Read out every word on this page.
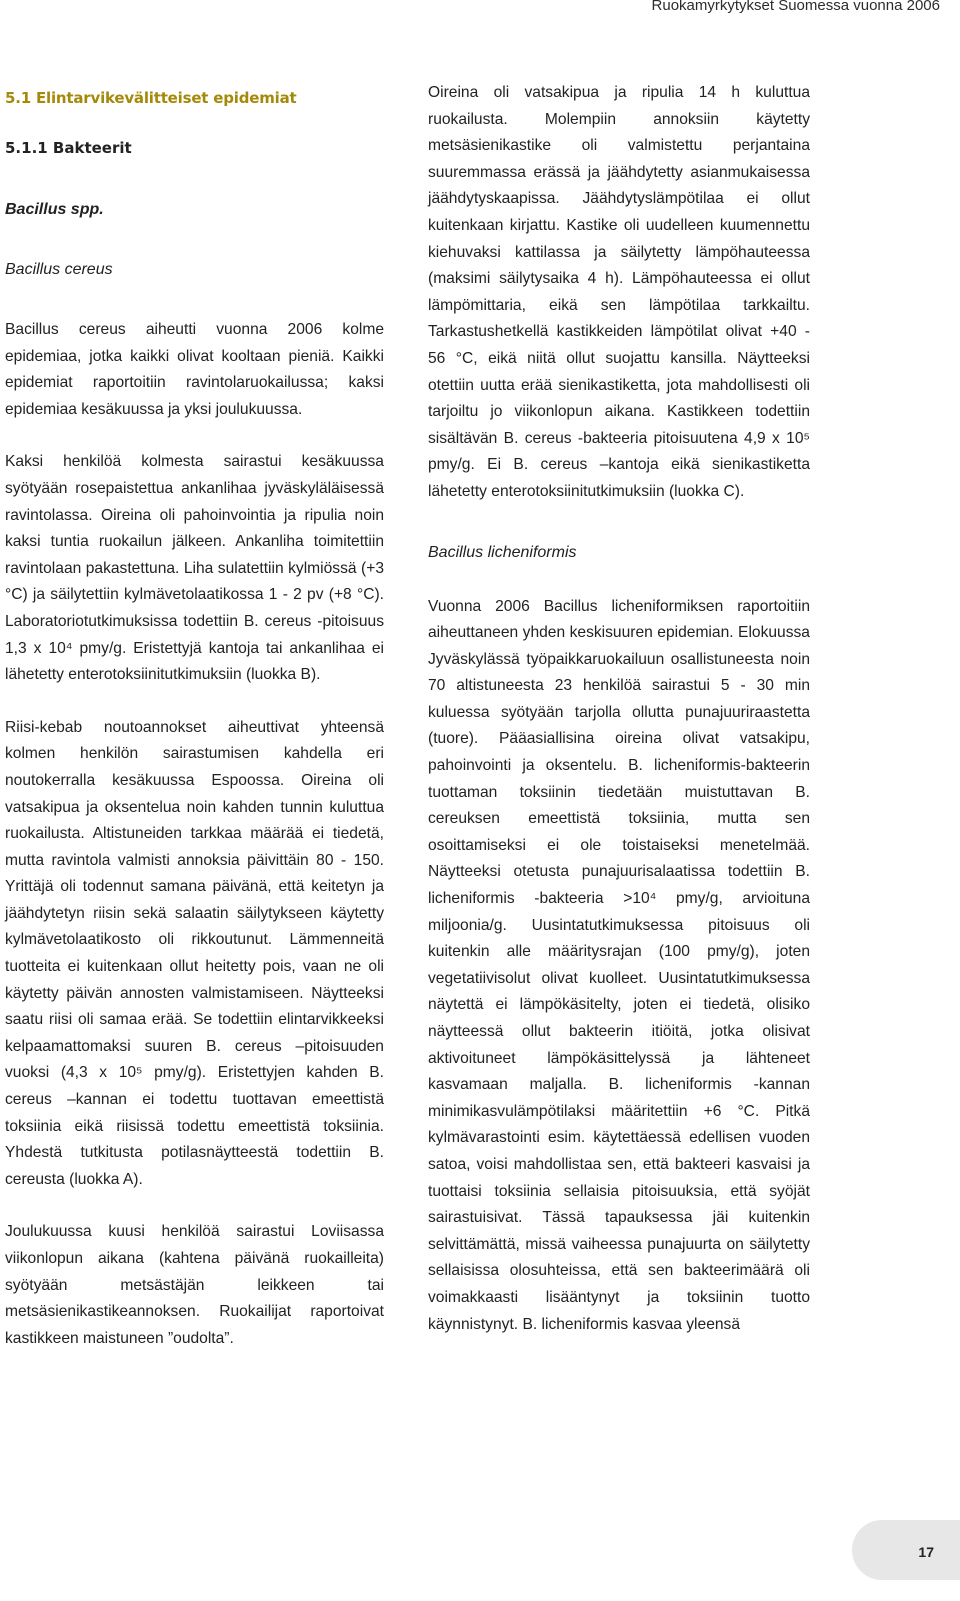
Ruokamyrkytykset Suomessa vuonna 2006
5.1 Elintarvikevälitteiset epidemiat
5.1.1 Bakteerit
Bacillus spp.
Bacillus cereus

Bacillus cereus aiheutti vuonna 2006 kolme epidemiaa, jotka kaikki olivat kooltaan pieniä. Kaikki epidemiat raportoitiin ravintolaruokailussa; kaksi epidemiaa kesäkuussa ja yksi joulukuussa.

Kaksi henkilöä kolmesta sairastui kesäkuussa syötyään rosepaistettua ankanlihaa jyväskyläläisessä ravintolassa. Oireina oli pahoinvointia ja ripulia noin kaksi tuntia ruokailun jälkeen. Ankanliha toimitettiin ravintolaan pakastettuna. Liha sulatettiin kylmiössä (+3 °C) ja säilytettiin kylmävetolaatikossa 1 - 2 pv (+8 °C). Laboratoriotutkimuksissa todettiin B. cereus -pitoisuus 1,3 x 10⁴ pmy/g. Eristettyjä kantoja tai ankanlihaa ei lähetetty enterotoksiinitutkimuksiin (luokka B).

Riisi-kebab noutoannokset aiheuttivat yhteensä kolmen henkilön sairastumisen kahdella eri noutokerralla kesäkuussa Espoossa. Oireina oli vatsakipua ja oksentelua noin kahden tunnin kuluttua ruokailusta. Altistuneiden tarkkaa määrää ei tiedetä, mutta ravintola valmisti annoksia päivittäin 80 - 150. Yrittäjä oli todennut samana päivänä, että keitetyn ja jäähdytetyn riisin sekä salaatin säilytykseen käytetty kylmävetolaatikosto oli rikkoutunut. Lämmenneitä tuotteita ei kuitenkaan ollut heitetty pois, vaan ne oli käytetty päivän annosten valmistamiseen. Näytteeksi saatu riisi oli samaa erää. Se todettiin elintarvikkeeksi kelpaamattomaksi suuren B. cereus –pitoisuuden vuoksi (4,3 x 10⁵ pmy/g). Eristettyjen kahden B. cereus –kannan ei todettu tuottavan emeettistä toksiinia eikä riisissä todettu emeettistä toksiinia. Yhdestä tutkitusta potilasnäytteestä todettiin B. cereusta (luokka A).

Joulukuussa kuusi henkilöä sairastui Loviisassa viikonlopun aikana (kahtena päivänä ruokailleita) syötyään metsästäjän leikkeen tai metsäsienikastikeannoksen. Ruokailijat raportoivat kastikkeen maistuneen ”oudolta”.

Oireina oli vatsakipua ja ripulia 14 h kuluttua ruokailusta. Molempiin annoksiin käytetty metsäsienikastike oli valmistettu perjantaina suuremmassa erässä ja jäähdytetty asianmukaisessa jäähdytyskaapissa. Jäähdytyslämpötilaa ei ollut kuitenkaan kirjattu. Kastike oli uudelleen kuumennettu kiehuvaksi kattilassa ja säilytetty lämpöhauteessa (maksimi säilytysaika 4 h). Lämpöhauteessa ei ollut lämpömittaria, eikä sen lämpötilaa tarkkailtu. Tarkastushetkellä kastikkeiden lämpötilat olivat +40 - 56 °C, eikä niitä ollut suojattu kansilla. Näytteeksi otettiin uutta erää sienikastiketta, jota mahdollisesti oli tarjoiltu jo viikonlopun aikana. Kastikkeen todettiin sisältävän B. cereus -bakteeria pitoisuutena 4,9 x 10⁵ pmy/g. Ei B. cereus –kantoja eikä sienikastiketta lähetetty enterotoksiinitutkimuksiin (luokka C).

Bacillus licheniformis

Vuonna 2006 Bacillus licheniformiksen raportoitiin aiheuttaneen yhden keskisuuren epidemian. Elokuussa Jyväskylässä työpaikkaruokailuun osallistuneesta noin 70 altistuneesta 23 henkilöä sairastui 5 - 30 min kuluessa syötyään tarjolla ollutta punajuuriraastetta (tuore). Pääasiallisina oireina olivat vatsakipu, pahoinvointi ja oksentelu. B. licheniformis-bakteerin tuottaman toksiinin tiedetään muistuttavan B. cereuksen emeettistä toksiinia, mutta sen osoittamiseksi ei ole toistaiseksi menetelmää. Näytteeksi otetusta punajuurisalaatissa todettiin B. licheniformis -bakteeria >10⁴ pmy/g, arvioituna miljoonia/g. Uusintatutkimuksessa pitoisuus oli kuitenkin alle määritysrajan (100 pmy/g), joten vegetatiivisolut olivat kuolleet. Uusintatutkimuksessa näytettä ei lämpökäsitelty, joten ei tiedetä, olisiko näytteessä ollut bakteerin itiöitä, jotka olisivat aktivoituneet lämpökäsittelyssä ja lähteneet kasvamaan maljalla. B. licheniformis -kannan minimikasvulämpötilaksi määritettiin +6 °C. Pitkä kylmävarastointi esim. käytettäessä edellisen vuoden satoa, voisi mahdollistaa sen, että bakteeri kasvaisi ja tuottaisi toksiinia sellaisia pitoisuuksia, että syöjät sairastuisivat. Tässä tapauksessa jäi kuitenkin selvittämättä, missä vaiheessa punajuurta on säilytetty sellaisissa olosuhteissa, että sen bakteerimäärä oli voimakkaasti lisääntynyt ja toksiinin tuotto käynnistynyt. B. licheniformis kasvaa yleensä

17
